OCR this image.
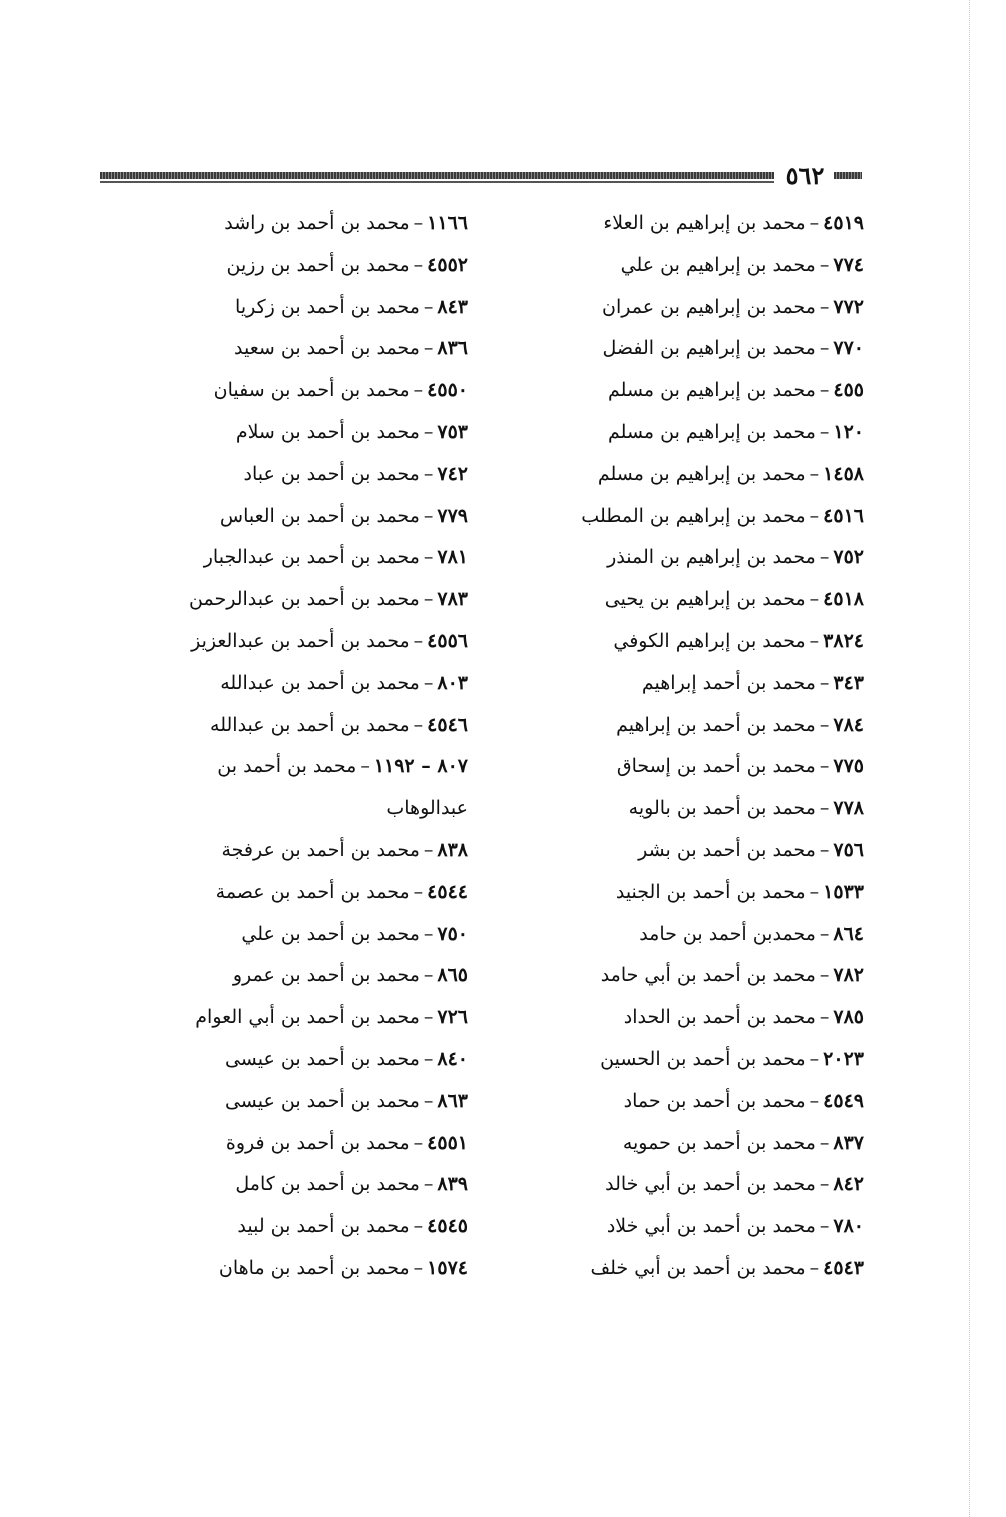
٥٦٢
٤٥١٩–محمد بن إبراهيم بن العلاء
٧٧٤–محمد بن إبراهيم بن علي
٧٧٢–محمد بن إبراهيم بن عمران
٧٧٠–محمد بن إبراهيم بن الفضل
٤٥٥–محمد بن إبراهيم بن مسلم
١٢٠–محمد بن إبراهيم بن مسلم
١٤٥٨–محمد بن إبراهيم بن مسلم
٤٥١٦–محمد بن إبراهيم بن المطلب
٧٥٢–محمد بن إبراهيم بن المنذر
٤٥١٨–محمد بن إبراهيم بن يحيى
٣٨٢٤–محمد بن إبراهيم الكوفي
٣٤٣–محمد بن أحمد إبراهيم
٧٨٤–محمد بن أحمد بن إبراهيم
٧٧٥–محمد بن أحمد بن إسحاق
٧٧٨–محمد بن أحمد بن بالويه
٧٥٦–محمد بن أحمد بن بشر
١٥٣٣–محمد بن أحمد بن الجنيد
٨٦٤–محمدبن أحمد بن حامد
٧٨٢–محمد بن أحمد بن أبي حامد
٧٨٥–محمد بن أحمد بن الحداد
٢٠٢٣–محمد بن أحمد بن الحسين
٤٥٤٩–محمد بن أحمد بن حماد
٨٣٧–محمد بن أحمد بن حمويه
٨٤٢–محمد بن أحمد بن أبي خالد
٧٨٠–محمد بن أحمد بن أبي خلاد
٤٥٤٣–محمد بن أحمد بن أبي خلف
١١٦٦–محمد بن أحمد بن راشد
٤٥٥٢–محمد بن أحمد بن رزين
٨٤٣–محمد بن أحمد بن زكريا
٨٣٦–محمد بن أحمد بن سعيد
٤٥٥٠–محمد بن أحمد بن سفيان
٧٥٣–محمد بن أحمد بن سلام
٧٤٢–محمد بن أحمد بن عباد
٧٧٩–محمد بن أحمد بن العباس
٧٨١–محمد بن أحمد بن عبدالجبار
٧٨٣–محمد بن أحمد بن عبدالرحمن
٤٥٥٦–محمد بن أحمد بن عبدالعزيز
٨٠٣–محمد بن أحمد بن عبدالله
٤٥٤٦–محمد بن أحمد بن عبدالله
٨٠٧ – ١١٩٢–محمد بن أحمد بن
عبدالوهاب
٨٣٨–محمد بن أحمد بن عرفجة
٤٥٤٤–محمد بن أحمد بن عصمة
٧٥٠–محمد بن أحمد بن علي
٨٦٥–محمد بن أحمد بن عمرو
٧٢٦–محمد بن أحمد بن أبي العوام
٨٤٠–محمد بن أحمد بن عيسى
٨٦٣–محمد بن أحمد بن عيسى
٤٥٥١–محمد بن أحمد بن فروة
٨٣٩–محمد بن أحمد بن كامل
٤٥٤٥–محمد بن أحمد بن لبيد
١٥٧٤–محمد بن أحمد بن ماهان
